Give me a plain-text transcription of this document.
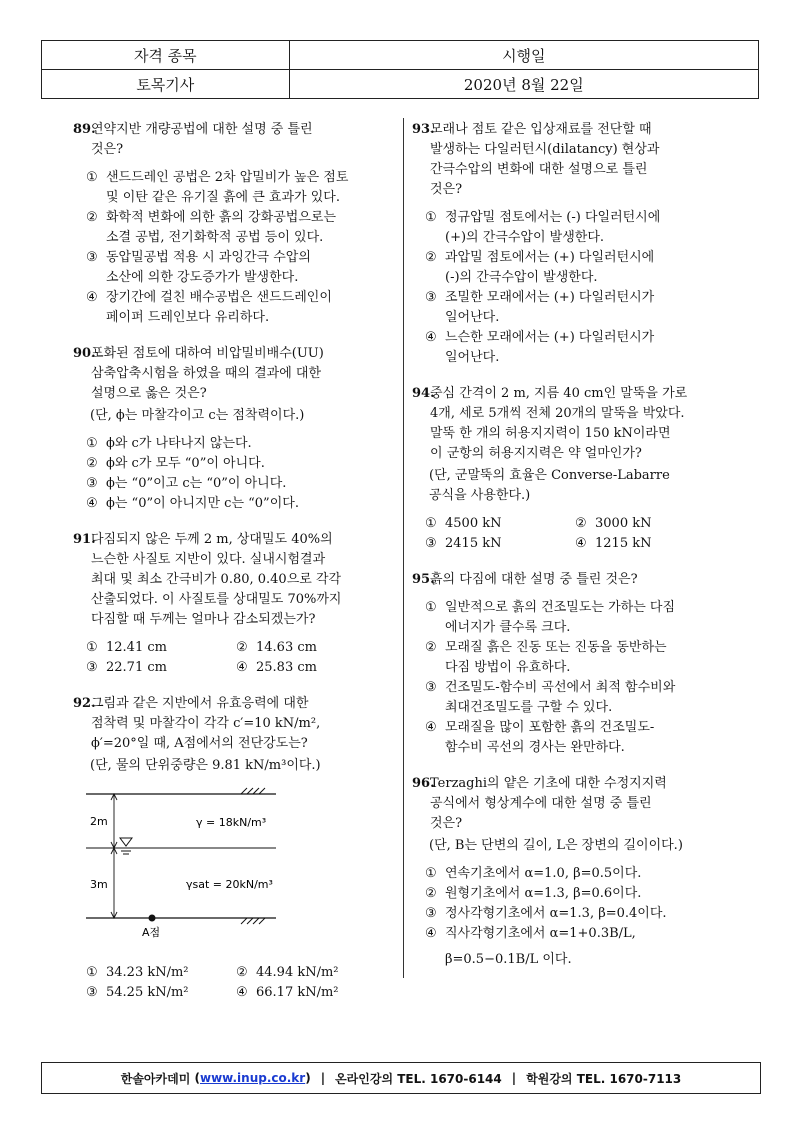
자격 종목	시행일
토목기사	2020년 8월 22일
89.
연약지반 개량공법에 대한 설명 중 틀린
것은?
① 샌드드레인 공법은 2차 압밀비가 높은 점토
및 이탄 같은 유기질 흙에 큰 효과가 있다.
② 화학적 변화에 의한 흙의 강화공법으로는
소결 공법, 전기화학적 공법 등이 있다.
③ 동압밀공법 적용 시 과잉간극 수압의
소산에 의한 강도증가가 발생한다.
④ 장기간에 걸친 배수공법은 샌드드레인이
페이퍼 드레인보다 유리하다.
90.
포화된 점토에 대하여 비압밀비배수(UU)
삼축압축시험을 하였을 때의 결과에 대한
설명으로 옳은 것은?
(단, ϕ는 마찰각이고 c는 점착력이다.)
① ϕ와 c가 나타나지 않는다.
② ϕ와 c가 모두 “0”이 아니다.
③ ϕ는 “0”이고 c는 “0”이 아니다.
④ ϕ는 “0”이 아니지만 c는 “0”이다.
91.
다짐되지 않은 두께 2 m, 상대밀도 40%의
느슨한 사질토 지반이 있다. 실내시험결과
최대 및 최소 간극비가 0.80, 0.40으로 각각
산출되었다. 이 사질토를 상대밀도 70%까지
다짐할 때 두께는 얼마나 감소되겠는가?
① 12.41 cm	② 14.63 cm
③ 22.71 cm	④ 25.83 cm
92.
그림과 같은 지반에서 유효응력에 대한
점착력 및 마찰각이 각각 c′=10 kN/m²,
ϕ′=20°일 때, A점에서의 전단강도는?
(단, 물의 단위중량은 9.81 kN/m³이다.)
2m
3m
γ = 18kN/m³
γsat = 20kN/m³
A점
① 34.23 kN/m²	② 44.94 kN/m²
③ 54.25 kN/m²	④ 66.17 kN/m²
93.
모래나 점토 같은 입상재료를 전단할 때
발생하는 다일러턴시(dilatancy) 현상과
간극수압의 변화에 대한 설명으로 틀린
것은?
① 정규압밀 점토에서는 (-) 다일러턴시에
(+)의 간극수압이 발생한다.
② 과압밀 점토에서는 (+) 다일러턴시에
(-)의 간극수압이 발생한다.
③ 조밀한 모래에서는 (+) 다일러턴시가
일어난다.
④ 느슨한 모래에서는 (+) 다일러턴시가
일어난다.
94.
중심 간격이 2 m, 지름 40 cm인 말뚝을 가로
4개, 세로 5개씩 전체 20개의 말뚝을 박았다.
말뚝 한 개의 허용지지력이 150 kN이라면
이 군항의 허용지지력은 약 얼마인가?
(단, 군말뚝의 효율은 Converse-Labarre
공식을 사용한다.)
① 4500 kN	② 3000 kN
③ 2415 kN	④ 1215 kN
95.
흙의 다짐에 대한 설명 중 틀린 것은?
① 일반적으로 흙의 건조밀도는 가하는 다짐
에너지가 클수록 크다.
② 모래질 흙은 진동 또는 진동을 동반하는
다짐 방법이 유효하다.
③ 건조밀도-함수비 곡선에서 최적 함수비와
최대건조밀도를 구할 수 있다.
④ 모래질을 많이 포함한 흙의 건조밀도-
함수비 곡선의 경사는 완만하다.
96.
Terzaghi의 얕은 기초에 대한 수정지지력
공식에서 형상계수에 대한 설명 중 틀린
것은?
(단, B는 단변의 길이, L은 장변의 길이이다.)
① 연속기초에서 α=1.0, β=0.5이다.
② 원형기초에서 α=1.3, β=0.6이다.
③ 정사각형기초에서 α=1.3, β=0.4이다.
④ 직사각형기초에서 α=1+0.3B/L,
β=0.5−0.1B/L 이다.
한솔아카데미 ( www.inup.co.kr ) | 온라인강의 TEL. 1670-6144 | 학원강의 TEL. 1670-7113
